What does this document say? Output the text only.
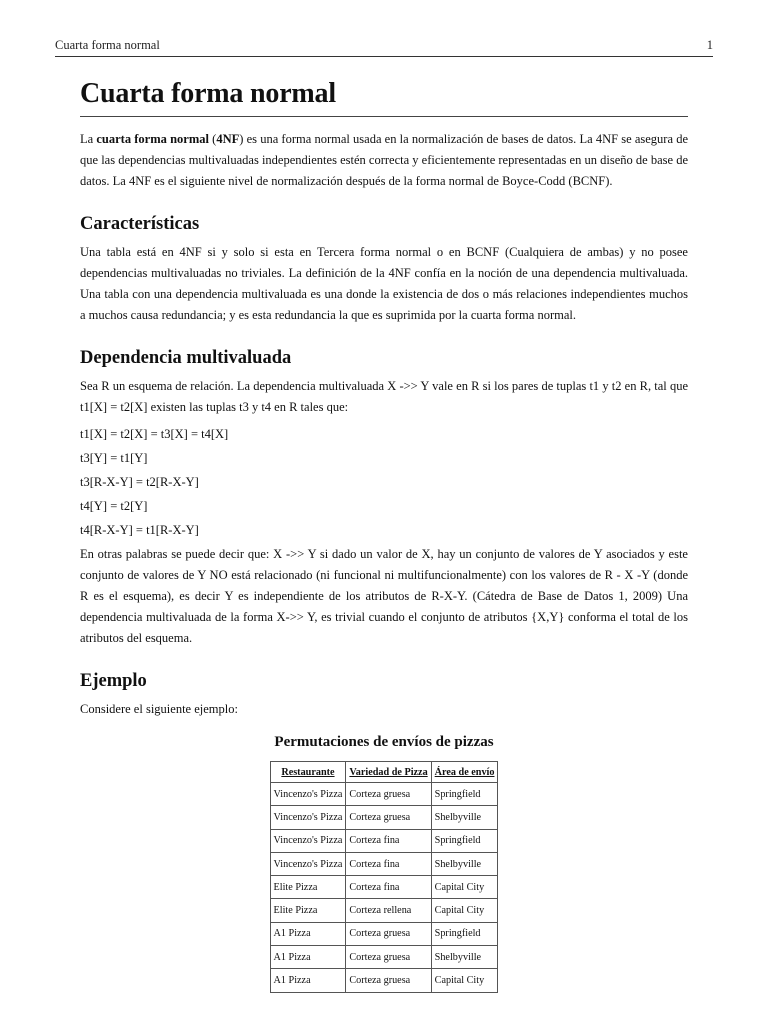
Cuarta forma normal	1
Cuarta forma normal

La cuarta forma normal (4NF) es una forma normal usada en la normalización de bases de datos. La 4NF se asegura de que las dependencias multivaluadas independientes estén correcta y eficientemente representadas en un diseño de base de datos. La 4NF es el siguiente nivel de normalización después de la forma normal de Boyce-Codd (BCNF).

Características

Una tabla está en 4NF si y solo si esta en Tercera forma normal o en BCNF (Cualquiera de ambas) y no posee dependencias multivaluadas no triviales. La definición de la 4NF confía en la noción de una dependencia multivaluada. Una tabla con una dependencia multivaluada es una donde la existencia de dos o más relaciones independientes muchos a muchos causa redundancia; y es esta redundancia la que es suprimida por la cuarta forma normal.

Dependencia multivaluada

Sea R un esquema de relación. La dependencia multivaluada X ->> Y vale en R si los pares de tuplas t1 y t2 en R, tal que t1[X] = t2[X] existen las tuplas t3 y t4 en R tales que:

t1[X] = t2[X] = t3[X] = t4[X]

t3[Y] = t1[Y]

t3[R-X-Y] = t2[R-X-Y]

t4[Y] = t2[Y]

t4[R-X-Y] = t1[R-X-Y]

En otras palabras se puede decir que: X ->> Y si dado un valor de X, hay un conjunto de valores de Y asociados y este conjunto de valores de Y NO está relacionado (ni funcional ni multifuncionalmente) con los valores de R - X -Y (donde R es el esquema), es decir Y es independiente de los atributos de R-X-Y. (Cátedra de Base de Datos 1, 2009) Una dependencia multivaluada de la forma X->> Y, es trivial cuando el conjunto de atributos {X,Y} conforma el total de los atributos del esquema.

Ejemplo

Considere el siguiente ejemplo:

Permutaciones de envíos de pizzas
Restaurante	Variedad de Pizza	Área de envío
Vincenzo's Pizza	Corteza gruesa	Springfield
Vincenzo's Pizza	Corteza gruesa	Shelbyville
Vincenzo's Pizza	Corteza fina	Springfield
Vincenzo's Pizza	Corteza fina	Shelbyville
Elite Pizza	Corteza fina	Capital City
Elite Pizza	Corteza rellena	Capital City
A1 Pizza	Corteza gruesa	Springfield
A1 Pizza	Corteza gruesa	Shelbyville
A1 Pizza	Corteza gruesa	Capital City
